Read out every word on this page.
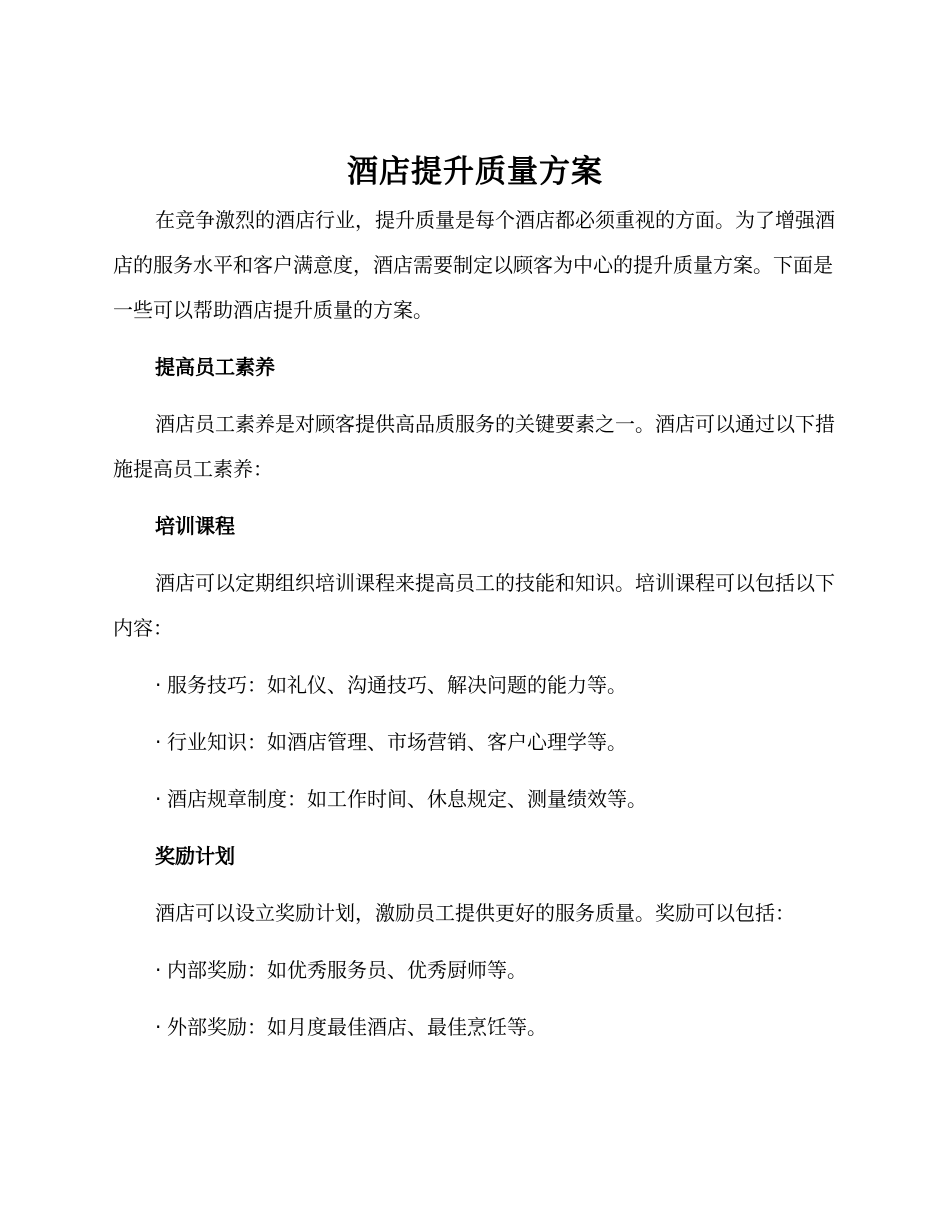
酒店提升质量方案

在竞争激烈的酒店行业，提升质量是每个酒店都必须重视的方面。为了增强酒店的服务水平和客户满意度，酒店需要制定以顾客为中心的提升质量方案。下面是一些可以帮助酒店提升质量的方案。

提高员工素养

酒店员工素养是对顾客提供高品质服务的关键要素之一。酒店可以通过以下措施提高员工素养：

培训课程

酒店可以定期组织培训课程来提高员工的技能和知识。培训课程可以包括以下内容：

· 服务技巧：如礼仪、沟通技巧、解决问题的能力等。

· 行业知识：如酒店管理、市场营销、客户心理学等。

· 酒店规章制度：如工作时间、休息规定、测量绩效等。

奖励计划

酒店可以设立奖励计划，激励员工提供更好的服务质量。奖励可以包括：

· 内部奖励：如优秀服务员、优秀厨师等。

· 外部奖励：如月度最佳酒店、最佳烹饪等。
